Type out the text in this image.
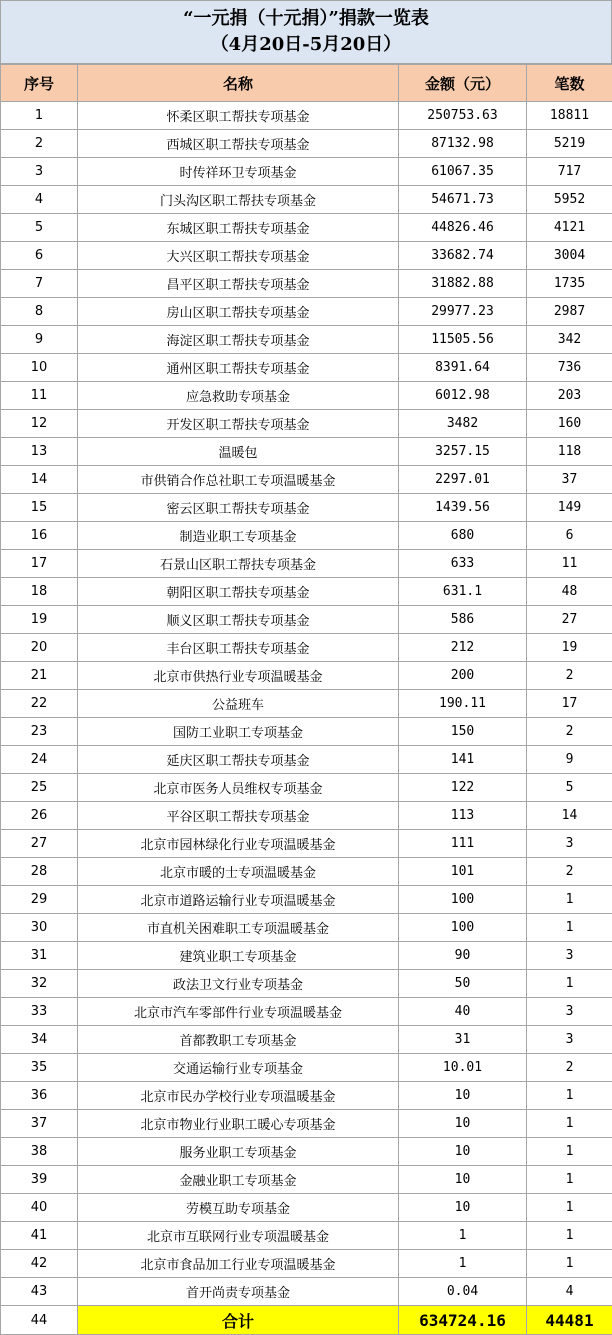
“一元捐（十元捐）”捐款一览表
（4月20日-5月20日）
序号	名称	金额（元）	笔数
1	怀柔区职工帮扶专项基金	250753.63	18811
2	西城区职工帮扶专项基金	87132.98	5219
3	时传祥环卫专项基金	61067.35	717
4	门头沟区职工帮扶专项基金	54671.73	5952
5	东城区职工帮扶专项基金	44826.46	4121
6	大兴区职工帮扶专项基金	33682.74	3004
7	昌平区职工帮扶专项基金	31882.88	1735
8	房山区职工帮扶专项基金	29977.23	2987
9	海淀区职工帮扶专项基金	11505.56	342
10	通州区职工帮扶专项基金	8391.64	736
11	应急救助专项基金	6012.98	203
12	开发区职工帮扶专项基金	3482	160
13	温暖包	3257.15	118
14	市供销合作总社职工专项温暖基金	2297.01	37
15	密云区职工帮扶专项基金	1439.56	149
16	制造业职工专项基金	680	6
17	石景山区职工帮扶专项基金	633	11
18	朝阳区职工帮扶专项基金	631.1	48
19	顺义区职工帮扶专项基金	586	27
20	丰台区职工帮扶专项基金	212	19
21	北京市供热行业专项温暖基金	200	2
22	公益班车	190.11	17
23	国防工业职工专项基金	150	2
24	延庆区职工帮扶专项基金	141	9
25	北京市医务人员维权专项基金	122	5
26	平谷区职工帮扶专项基金	113	14
27	北京市园林绿化行业专项温暖基金	111	3
28	北京市暖的士专项温暖基金	101	2
29	北京市道路运输行业专项温暖基金	100	1
30	市直机关困难职工专项温暖基金	100	1
31	建筑业职工专项基金	90	3
32	政法卫文行业专项基金	50	1
33	北京市汽车零部件行业专项温暖基金	40	3
34	首都教职工专项基金	31	3
35	交通运输行业专项基金	10.01	2
36	北京市民办学校行业专项温暖基金	10	1
37	北京市物业行业职工暖心专项基金	10	1
38	服务业职工专项基金	10	1
39	金融业职工专项基金	10	1
40	劳模互助专项基金	10	1
41	北京市互联网行业专项温暖基金	1	1
42	北京市食品加工行业专项温暖基金	1	1
43	首开尚责专项基金	0.04	4
44	合计	634724.16	44481
